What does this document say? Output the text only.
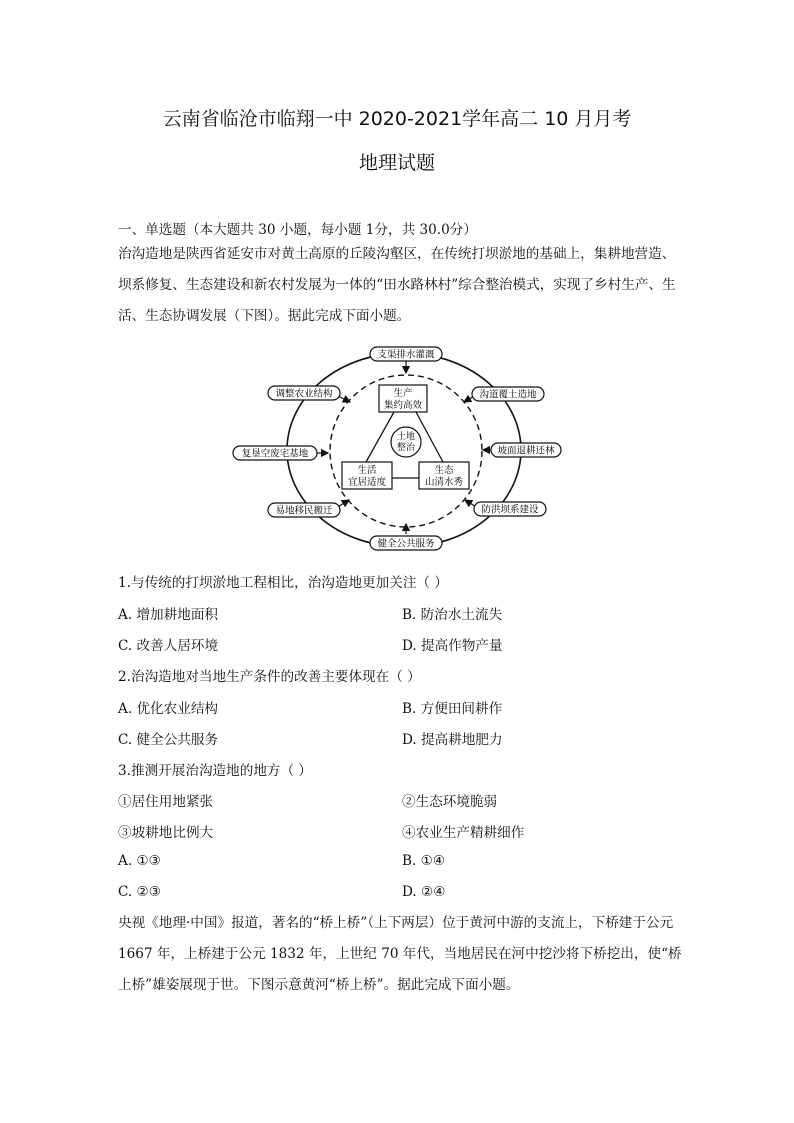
云南省临沧市临翔一中 2020-2021学年高二 10 月月考
地理试题
一、单选题（本大题共 30 小题，每小题 1分，共 30.0分）
治沟造地是陕西省延安市对黄土高原的丘陵沟壑区，在传统打坝淤地的基础上，集耕地营造、坝系修复、生态建设和新农村发展为一体的“田水路林村”综合整治模式，实现了乡村生产、生活、生态协调发展（下图）。据此完成下面小题。
支渠排水灌溉
调整农业结构	沟道覆土造地
复垦空废宅基地	坡面退耕还林
易地移民搬迁	防洪坝系建设
健全公共服务
生产
集约高效
生活
宜居适度
生态
山清水秀
土地
整治
1.与传统的打坝淤地工程相比，治沟造地更加关注（ ）
A. 增加耕地面积	B. 防治水土流失
C. 改善人居环境	D. 提高作物产量
2.治沟造地对当地生产条件的改善主要体现在（ ）
A. 优化农业结构	B. 方便田间耕作
C. 健全公共服务	D. 提高耕地肥力
3.推测开展治沟造地的地方（ ）
①居住用地紧张	②生态环境脆弱
③坡耕地比例大	④农业生产精耕细作
A. ①③	B. ①④
C. ②③	D. ②④
央视《地理·中国》报道，著名的“桥上桥”（上下两层）位于黄河中游的支流上，下桥建于公元 1667 年，上桥建于公元 1832 年，上世纪 70 年代，当地居民在河中挖沙将下桥挖出，使“桥上桥”雄姿展现于世。下图示意黄河“桥上桥”。据此完成下面小题。
